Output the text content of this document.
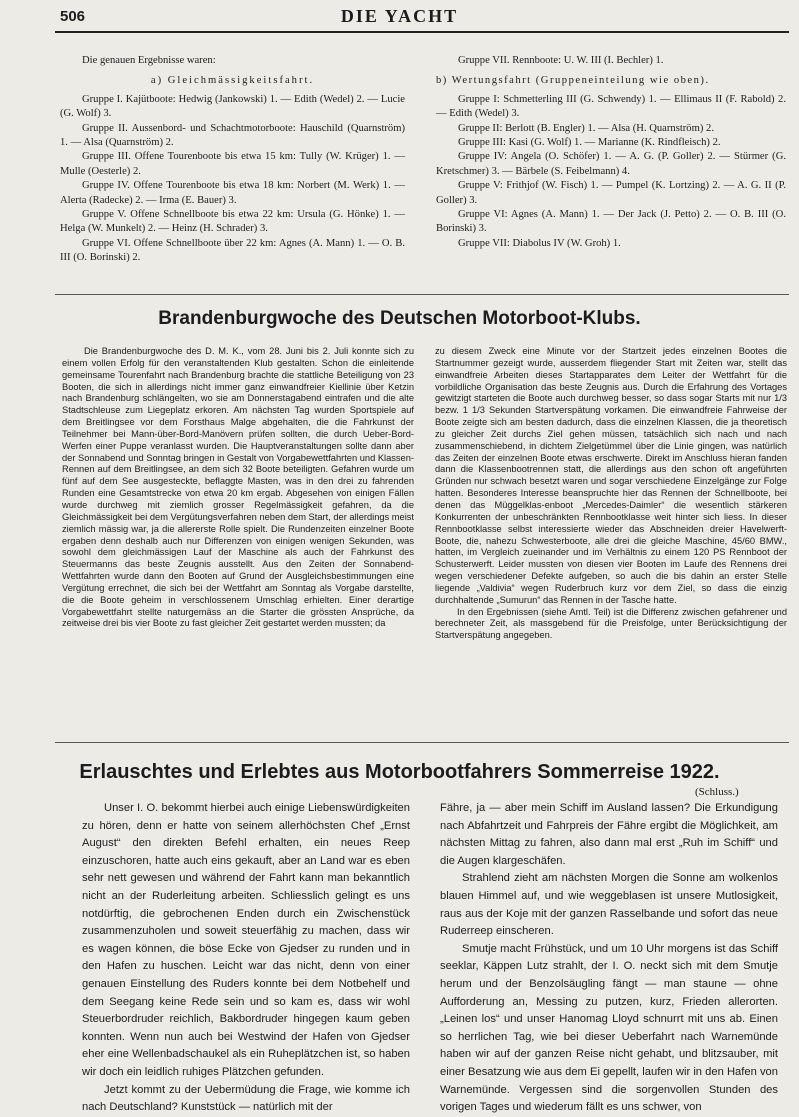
506	DIE YACHT

Die genauen Ergebnisse waren:

a) Gleichmässigkeitsfahrt.

Gruppe I. Kajütboote: Hedwig (Jankowski) 1. — Edith (Wedel) 2. — Lucie (G. Wolf) 3.

Gruppe II. Aussenbord- und Schachtmotorboote: Hauschild (Quarnström) 1. — Alsa (Quarnström) 2.

Gruppe III. Offene Tourenboote bis etwa 15 km: Tully (W. Krüger) 1. — Mulle (Oesterle) 2.

Gruppe IV. Offene Tourenboote bis etwa 18 km: Norbert (M. Werk) 1. — Alerta (Radecke) 2. — Irma (E. Bauer) 3.

Gruppe V. Offene Schnellboote bis etwa 22 km: Ursula (G. Hönke) 1. — Helga (W. Munkelt) 2. — Heinz (H. Schrader) 3.

Gruppe VI. Offene Schnellboote über 22 km: Agnes (A. Mann) 1. — O. B. III (O. Borinski) 2.

Gruppe VII. Rennboote: U. W. III (I. Bechler) 1.

b) Wertungsfahrt (Gruppeneinteilung wie oben).

Gruppe I: Schmetterling III (G. Schwendy) 1. — Ellimaus II (F. Rabold) 2. — Edith (Wedel) 3.

Gruppe II: Berlott (B. Engler) 1. — Alsa (H. Quarnström) 2.

Gruppe III: Kasi (G. Wolf) 1. — Marianne (K. Rindfleisch) 2.

Gruppe IV: Angela (O. Schöfer) 1. — A. G. (P. Goller) 2. — Stürmer (G. Kretschmer) 3. — Bärbele (S. Feibelmann) 4.

Gruppe V: Frithjof (W. Fisch) 1. — Pumpel (K. Lortzing) 2. — A. G. II (P. Goller) 3.

Gruppe VI: Agnes (A. Mann) 1. — Der Jack (J. Petto) 2. — O. B. III (O. Borinski) 3.

Gruppe VII: Diabolus IV (W. Groh) 1.

Brandenburgwoche des Deutschen Motorboot-Klubs.

Die Brandenburgwoche des D. M. K., vom 28. Juni bis 2. Juli konnte sich zu einem vollen Erfolg für den veranstaltenden Klub gestalten. Schon die einleitende gemeinsame Tourenfahrt nach Brandenburg brachte die stattliche Beteiligung von 23 Booten, die sich in allerdings nicht immer ganz einwandfreier Kiellinie über Ketzin nach Brandenburg schlängelten, wo sie am Donnerstagabend eintrafen und die alte Stadtschleuse zum Liegeplatz erkoren. Am nächsten Tag wurden Sportspiele auf dem Breitlingsee vor dem Forsthaus Malge abgehalten, die die Fahrkunst der Teilnehmer bei Mann-über-Bord-Manövern prüfen sollten, die durch Ueber-Bord-Werfen einer Puppe veranlasst wurden. Die Hauptveranstaltungen sollte dann aber der Sonnabend und Sonntag bringen in Gestalt von Vorgabewettfahrten und Klassen-Rennen auf dem Breitlingsee, an dem sich 32 Boote beteiligten. Gefahren wurde um fünf auf dem See ausgesteckte, beflaggte Masten, was in den drei zu fahrenden Runden eine Gesamtstrecke von etwa 20 km ergab. Abgesehen von einigen Fällen wurde durchweg mit ziemlich grosser Regelmässigkeit gefahren, da die Gleichmässigkeit bei dem Vergütungsverfahren neben dem Start, der allerdings meist ziemlich mässig war, ja die allererste Rolle spielt. Die Rundenzeiten einzelner Boote ergaben denn deshalb auch nur Differenzen von einigen wenigen Sekunden, was sowohl dem gleichmässigen Lauf der Maschine als auch der Fahrkunst des Steuermanns das beste Zeugnis ausstellt. Aus den Zeiten der Sonnabend-Wettfahrten wurde dann den Booten auf Grund der Ausgleichsbestimmungen eine Vergütung errechnet, die sich bei der Wettfahrt am Sonntag als Vorgabe darstellte, die die Boote geheim in verschlossenem Umschlag erhielten. Einer derartige Vorgabewettfahrt stellte naturgemäss an die Starter die grössten Ansprüche, da zeitweise drei bis vier Boote zu fast gleicher Zeit gestartet werden mussten; da

zu diesem Zweck eine Minute vor der Startzeit jedes einzelnen Bootes die Startnummer gezeigt wurde, ausserdem fliegender Start mit Zeiten war, stellt das einwandfreie Arbeiten dieses Startapparates dem Leiter der Wettfahrt für die vorbildliche Organisation das beste Zeugnis aus. Durch die Erfahrung des Vortages gewitzigt starteten die Boote auch durchweg besser, so dass sogar Starts mit nur 1/3 bezw. 1 1/3 Sekunden Startverspätung vorkamen. Die einwandfreie Fahrweise der Boote zeigte sich am besten dadurch, dass die einzelnen Klassen, die ja theoretisch zu gleicher Zeit durchs Ziel gehen müssen, tatsächlich sich nach und nach zusammenschiebend, in dichtem Zielgetümmel über die Linie gingen, was natürlich das Zeiten der einzelnen Boote etwas erschwerte. Direkt im Anschluss hieran fanden dann die Klassenbootrennen statt, die allerdings aus den schon oft angeführten Gründen nur schwach besetzt waren und sogar verschiedene Einzelgänge zur Folge hatten. Besonderes Interesse beanspruchte hier das Rennen der Schnellboote, bei denen das Müggelklas-enboot „Mercedes-Daimler“ die wesentlich stärkeren Konkurrenten der unbeschränkten Rennbootklasse weit hinter sich liess. In dieser Rennbootklasse selbst interessierte wieder das Abschneiden dreier Havelwerft-Boote, die, nahezu Schwesterboote, alle drei die gleiche Maschine, 45/60 BMW., hatten, im Vergleich zueinander und im Verhältnis zu einem 120 PS Rennboot der Schusterwerft. Leider mussten von diesen vier Booten im Laufe des Rennens drei wegen verschiedener Defekte aufgeben, so auch die bis dahin an erster Stelle liegende „Valdivia“ wegen Ruderbruch kurz vor dem Ziel, so dass die einzig durchhaltende „Sumurun“ das Rennen in der Tasche hatte.

In den Ergebnissen (siehe Amtl. Teil) ist die Differenz zwischen gefahrener und berechneter Zeit, als massgebend für die Preisfolge, unter Berücksichtigung der Startverspätung angegeben.

Erlauschtes und Erlebtes aus Motorbootfahrers Sommerreise 1922.
(Schluss.)

Unser I. O. bekommt hierbei auch einige Liebenswürdigkeiten zu hören, denn er hatte von seinem allerhöchsten Chef „Ernst August“ den direkten Befehl erhalten, ein neues Reep einzuschoren, hatte auch eins gekauft, aber an Land war es eben sehr nett gewesen und während der Fahrt kann man bekanntlich nicht an der Ruderleitung arbeiten. Schliesslich gelingt es uns notdürftig, die gebrochenen Enden durch ein Zwischenstück zusammenzuholen und soweit steuerfähig zu machen, dass wir es wagen können, die böse Ecke von Gjedser zu runden und in den Hafen zu huschen. Leicht war das nicht, denn von einer genauen Einstellung des Ruders konnte bei dem Notbehelf und dem Seegang keine Rede sein und so kam es, dass wir wohl Steuerbordruder reichlich, Bakbordruder hingegen kaum geben konnten. Wenn nun auch bei Westwind der Hafen von Gjedser eher eine Wellenbadschaukel als ein Ruheplätzchen ist, so haben wir doch ein leidlich ruhiges Plätzchen gefunden.

Jetzt kommt zu der Uebermüdung die Frage, wie komme ich nach Deutschland? Kunststück — natürlich mit der

Fähre, ja — aber mein Schiff im Ausland lassen? Die Erkundigung nach Abfahrtzeit und Fahrpreis der Fähre ergibt die Möglichkeit, am nächsten Mittag zu fahren, also dann mal erst „Ruh im Schiff“ und die Augen klargeschäfen.

Strahlend zieht am nächsten Morgen die Sonne am wolkenlos blauen Himmel auf, und wie weggeblasen ist unsere Mutlosigkeit, raus aus der Koje mit der ganzen Rasselbande und sofort das neue Ruderreep einscheren.

Smutje macht Frühstück, und um 10 Uhr morgens ist das Schiff seeklar, Käppen Lutz strahlt, der I. O. neckt sich mit dem Smutje herum und der Benzolsäugling fängt — man staune — ohne Aufforderung an, Messing zu putzen, kurz, Frieden allerorten. „Leinen los“ und unser Hanomag Lloyd schnurrt mit uns ab. Einen so herrlichen Tag, wie bei dieser Ueberfahrt nach Warnemünde haben wir auf der ganzen Reise nicht gehabt, und blitzsauber, mit einer Besatzung wie aus dem Ei gepellt, laufen wir in den Hafen von Warnemünde. Vergessen sind die sorgenvollen Stunden des vorigen Tages und wiederum fällt es uns schwer, von
